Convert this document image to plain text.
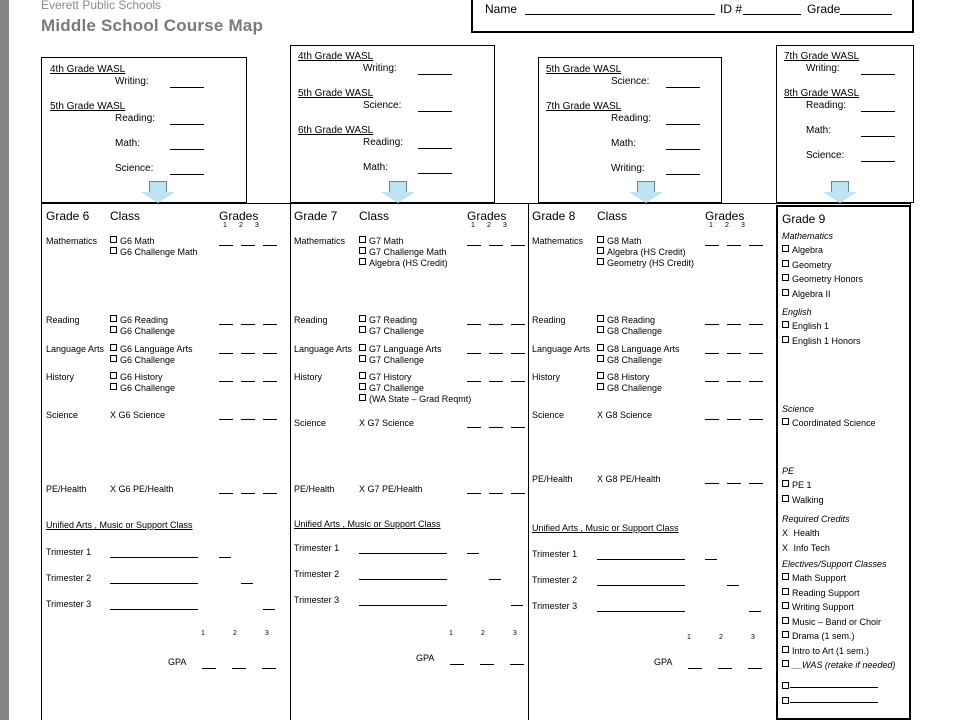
Everett Public Schools
Middle School Course Map
Name	ID #	Grade
4th Grade WASL
Writing:
5th Grade WASL
Reading:
Math:
Science:
4th Grade WASL
Writing:
5th Grade WASL
Science:
6th Grade WASL
Reading:
Math:
5th Grade WASL
Science:
7th Grade WASL
Reading:
Math:
Writing:
7th Grade WASL
Writing:
8th Grade WASL
Reading:
Math:
Science:
Grade 6 Class	Grades
1 2 3
Mathematics	G6 Math
G6 Challenge Math
Reading	G6 Reading
G6 Challenge
Language Arts	G6 Language Arts
G6 Challenge
History	G6 History
G6 Challenge
Science	X G6 Science
PE/Health	X G6 PE/Health
Unified Arts , Music or Support Class
Trimester 1
Trimester 2
Trimester 3
1	2	3
GPA
Grade 7 Class	Grades
1 2 3
Mathematics	G7 Math
G7 Challenge Math
Algebra (HS Credit)
Reading	G7 Reading
G7 Challenge
Language Arts	G7 Language Arts
G7 Challenge
History	G7 History
G7 Challenge
(WA State – Grad Reqmt)
Science	X G7 Science
PE/Health	X G7 PE/Health
Unified Arts , Music or Support Class
Trimester 1
Trimester 2
Trimester 3
1	2	3
GPA
Grade 8 Class	Grades
1 2 3
Mathematics	G8 Math
Algebra (HS Credit)
Geometry (HS Credit)
Reading	G8 Reading
G8 Challenge
Language Arts	G8 Language Arts
G8 Challenge
History	G8 History
G8 Challenge
Science	X G8 Science
PE/Health	X G8 PE/Health
Unified Arts , Music or Support Class
Trimester 1
Trimester 2
Trimester 3
1	2	3
GPA
Grade 9
Mathematics
Algebra
Geometry
Geometry Honors
Algebra II
English
English 1
English 1 Honors
Science
Coordinated Science
PE
PE 1
Walking
Required Credits
X Health
X Info Tech
Electives/Support Classes
Math Support
Reading Support
Writing Support
Music – Band or Choir
Drama (1 sem.)
Intro to Art (1 sem.)
__WAS (retake if needed)
